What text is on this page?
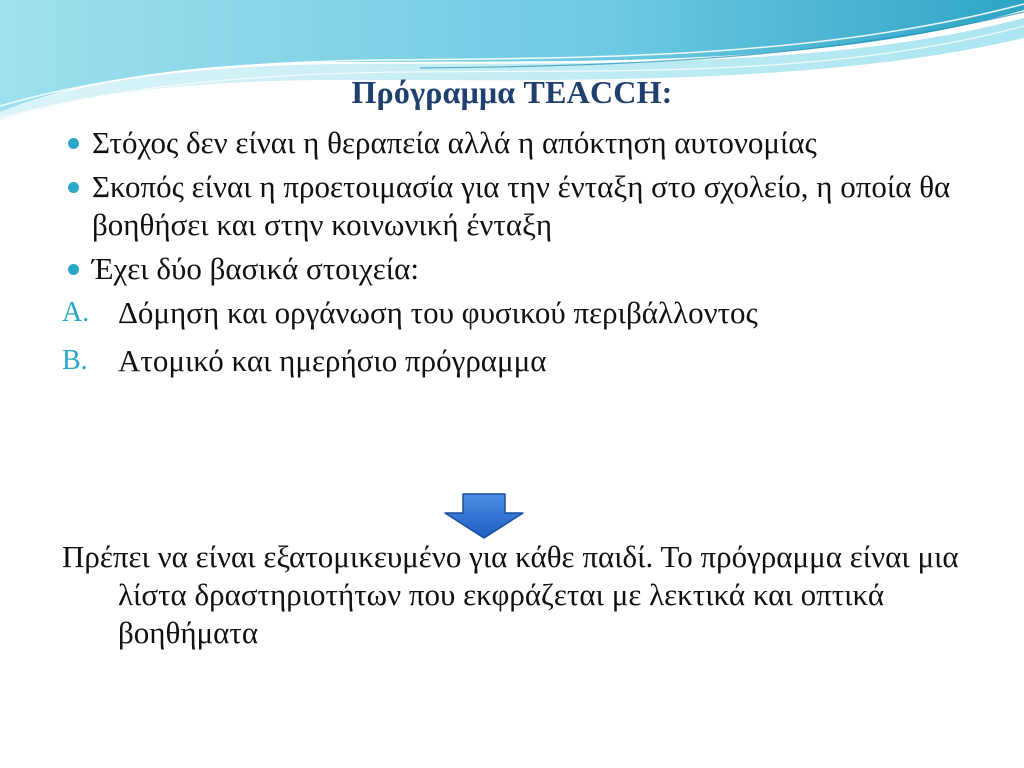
Πρόγραμμα TEACCH:
Στόχος δεν είναι η θεραπεία αλλά η απόκτηση αυτονομίας
Σκοπός είναι η προετοιμασία για την ένταξη στο σχολείο, η οποία θα βοηθήσει και στην κοινωνική ένταξη
Έχει δύο βασικά στοιχεία:
A. Δόμηση και οργάνωση του φυσικού περιβάλλοντος
B. Ατομικό και ημερήσιο πρόγραμμα
Πρέπει να είναι εξατομικευμένο για κάθε παιδί. Το πρόγραμμα είναι μια λίστα δραστηριοτήτων που εκφράζεται με λεκτικά και οπτικά βοηθήματα
